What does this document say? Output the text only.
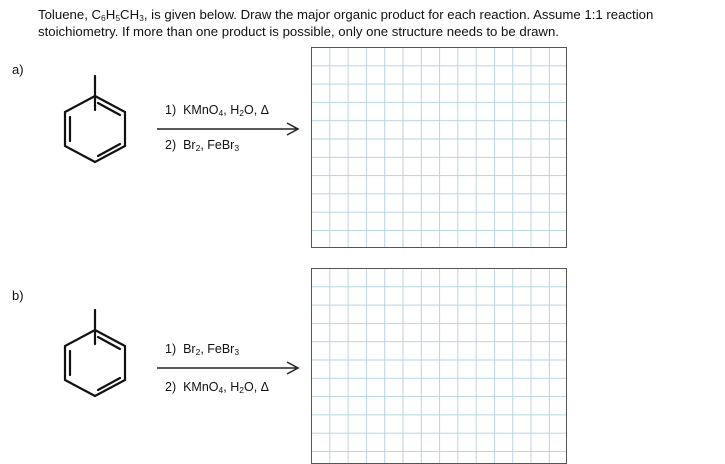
Toluene, $C_6H_5CH_3$, is given below. Draw the major organic product for each reaction. Assume 1:1 reaction stoichiometry. If more than one product is possible, only one structure needs to be drawn.

a)
1) KMnO$_4$, $H_2O$, Δ
2) $Br_2$, FeBr$_3$
b)
1) $Br_2$, FeBr$_3$
2) KMnO$_4$, $H_2O$, Δ
